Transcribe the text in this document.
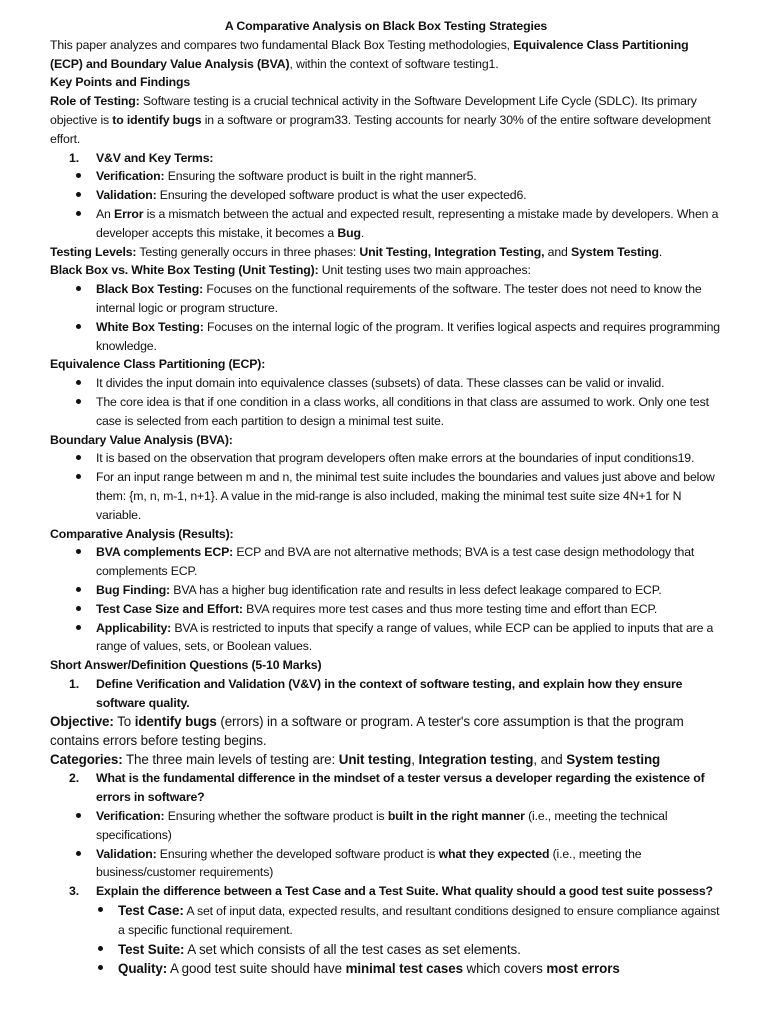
A Comparative Analysis on Black Box Testing Strategies

This paper analyzes and compares two fundamental Black Box Testing methodologies, Equivalence Class Partitioning (ECP) and Boundary Value Analysis (BVA), within the context of software testing1.

Key Points and Findings

Role of Testing: Software testing is a crucial technical activity in the Software Development Life Cycle (SDLC). Its primary objective is to identify bugs in a software or program33. Testing accounts for nearly 30% of the entire software development effort.

1.	V&V and Key Terms:
Verification: Ensuring the software product is built in the right manner5.
Validation: Ensuring the developed software product is what the user expected6.
An Error is a mismatch between the actual and expected result, representing a mistake made by developers. When a developer accepts this mistake, it becomes a Bug.

Testing Levels: Testing generally occurs in three phases: Unit Testing, Integration Testing, and System Testing.

Black Box vs. White Box Testing (Unit Testing): Unit testing uses two main approaches:

Black Box Testing: Focuses on the functional requirements of the software. The tester does not need to know the internal logic or program structure.
White Box Testing: Focuses on the internal logic of the program. It verifies logical aspects and requires programming knowledge.

Equivalence Class Partitioning (ECP):

It divides the input domain into equivalence classes (subsets) of data. These classes can be valid or invalid.
The core idea is that if one condition in a class works, all conditions in that class are assumed to work. Only one test case is selected from each partition to design a minimal test suite.

Boundary Value Analysis (BVA):

It is based on the observation that program developers often make errors at the boundaries of input conditions19.
For an input range between m and n, the minimal test suite includes the boundaries and values just above and below them: {m, n, m-1, n+1}. A value in the mid-range is also included, making the minimal test suite size 4N+1 for N variable.

Comparative Analysis (Results):

BVA complements ECP: ECP and BVA are not alternative methods; BVA is a test case design methodology that complements ECP.
Bug Finding: BVA has a higher bug identification rate and results in less defect leakage compared to ECP.
Test Case Size and Effort: BVA requires more test cases and thus more testing time and effort than ECP.
Applicability: BVA is restricted to inputs that specify a range of values, while ECP can be applied to inputs that are a range of values, sets, or Boolean values.

Short Answer/Definition Questions (5-10 Marks)

1.	Define Verification and Validation (V&V) in the context of software testing, and explain how they ensure software quality.

Objective: To identify bugs (errors) in a software or program. A tester's core assumption is that the program contains errors before testing begins.

Categories: The three main levels of testing are: Unit testing, Integration testing, and System testing

2.	What is the fundamental difference in the mindset of a tester versus a developer regarding the existence of errors in software?
Verification: Ensuring whether the software product is built in the right manner (i.e., meeting the technical specifications)
Validation: Ensuring whether the developed software product is what they expected (i.e., meeting the business/customer requirements)
3.	Explain the difference between a Test Case and a Test Suite. What quality should a good test suite possess?
Test Case: A set of input data, expected results, and resultant conditions designed to ensure compliance against a specific functional requirement.
Test Suite: A set which consists of all the test cases as set elements.
Quality: A good test suite should have minimal test cases which covers most errors
